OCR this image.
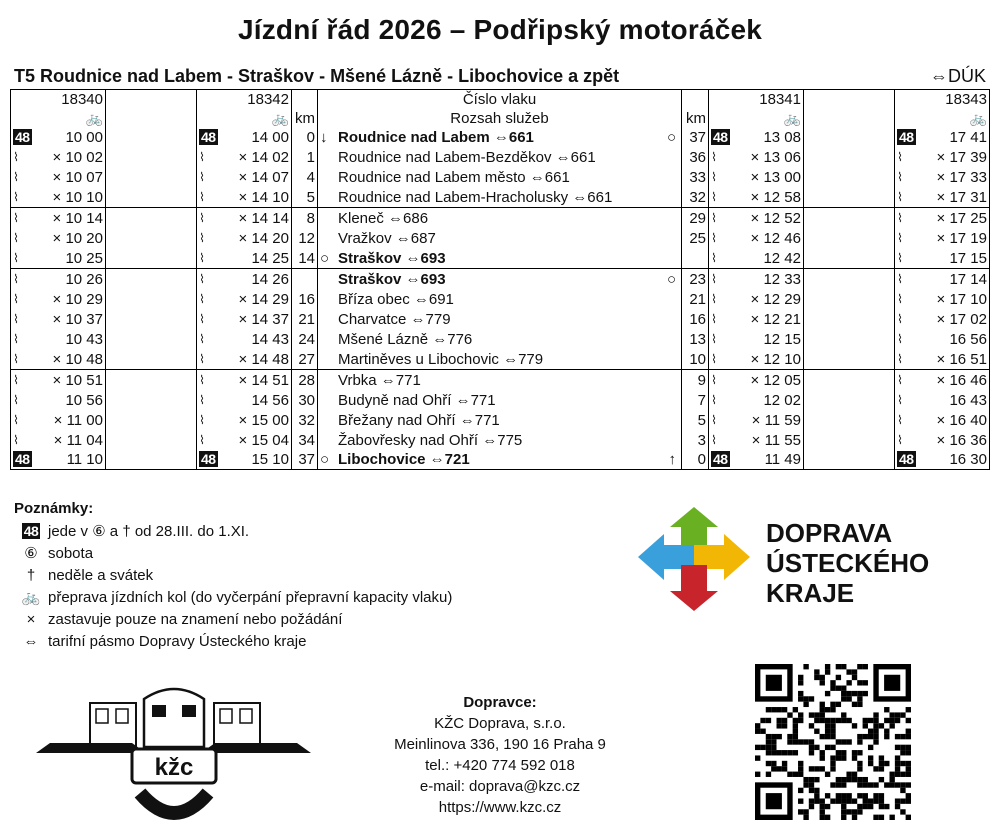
Jízdní řád 2026 – Podřipský motoráček
T5 Roudnice nad Labem - Straškov - Mšené Lázně - Libochovice a zpět	⇔DÚK
18340		18342		Číslo vlaku		18341		18343
🚲		🚲	km	Rozsah služeb	km	🚲		🚲

48 10 00		48 14 00	0	↓ Roudnice nad Labem ⇔661 ○	37	48 13 08		48 17 41

⌇ × 10 02		⌇ × 14 02	1	Roudnice nad Labem-Bezděkov ⇔661	36	⌇ × 13 06		⌇ × 17 39

⌇ × 10 07		⌇ × 14 07	4	Roudnice nad Labem město ⇔661	33	⌇ × 13 00		⌇ × 17 33

⌇ × 10 10		⌇ × 14 10	5	Roudnice nad Labem-Hracholusky ⇔661	32	⌇ × 12 58		⌇ × 17 31

⌇ × 10 14		⌇ × 14 14	8	Kleneč ⇔686	29	⌇ × 12 52		⌇ × 17 25

⌇ × 10 20		⌇ × 14 20	12	Vražkov ⇔687	25	⌇ × 12 46		⌇ × 17 19

⌇ 10 25		⌇ 14 25	14	○ Straškov ⇔693		⌇ 12 42		⌇ 17 15

⌇ 10 26		⌇ 14 26		Straškov ⇔693 ○	23	⌇ 12 33		⌇ 17 14

⌇ × 10 29		⌇ × 14 29	16	Bříza obec ⇔691	21	⌇ × 12 29		⌇ × 17 10

⌇ × 10 37		⌇ × 14 37	21	Charvatce ⇔779	16	⌇ × 12 21		⌇ × 17 02

⌇ 10 43		⌇ 14 43	24	Mšené Lázně ⇔776	13	⌇ 12 15		⌇ 16 56

⌇ × 10 48		⌇ × 14 48	27	Martiněves u Libochovic ⇔779	10	⌇ × 12 10		⌇ × 16 51

⌇ × 10 51		⌇ × 14 51	28	Vrbka ⇔771	9	⌇ × 12 05		⌇ × 16 46

⌇ 10 56		⌇ 14 56	30	Budyně nad Ohří ⇔771	7	⌇ 12 02		⌇ 16 43

⌇ × 11 00		⌇ × 15 00	32	Břežany nad Ohří ⇔771	5	⌇ × 11 59		⌇ × 16 40

⌇ × 11 04		⌇ × 15 04	34	Žabovřesky nad Ohří ⇔775	3	⌇ × 11 55		⌇ × 16 36

48 11 10		48 15 10	37	○ Libochovice ⇔721 ↑	0	48 11 49		48 16 30
Poznámky:
48 jede v ⑥ a † od 28.III. do 1.XI.
⑥ sobota
† neděle a svátek
🚲 přeprava jízdních kol (do vyčerpání přepravní kapacity vlaku)
× zastavuje pouze na znamení nebo požádání
⇔ tarifní pásmo Dopravy Ústeckého kraje
DOPRAVA
ÚSTECKÉHO
KRAJE
kžc
Dopravce:
KŽC Doprava, s.r.o.
Meinlinova 336, 190 16 Praha 9
tel.: +420 774 592 018
e-mail: doprava@kzc.cz
https://www.kzc.cz
